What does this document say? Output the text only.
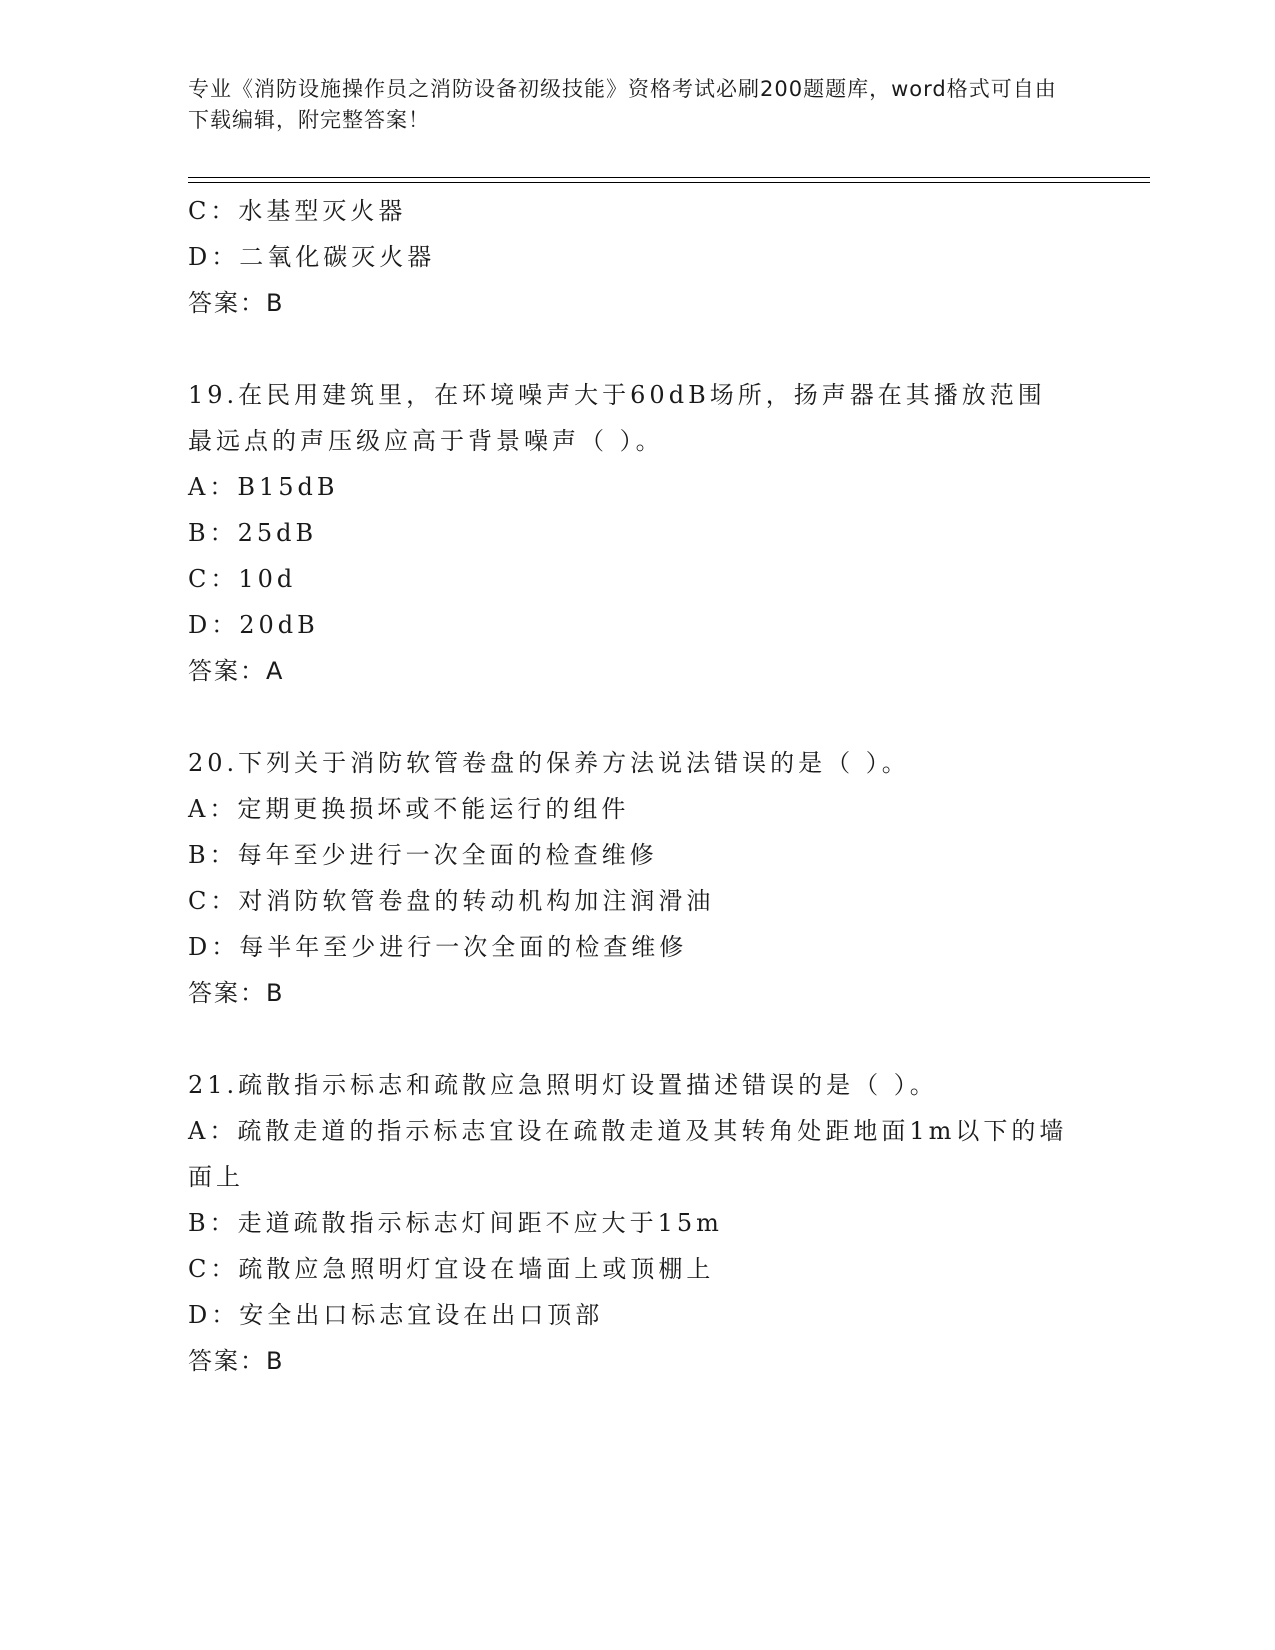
专业《消防设施操作员之消防设备初级技能》资格考试必刷200题题库，word格式可自由下载编辑，附完整答案！
C：水基型灭火器
D：二氧化碳灭火器
答案：B
19.在民用建筑里，在环境噪声大于60dB场所，扬声器在其播放范围最远点的声压级应高于背景噪声（ ）。
A：B15dB
B：25dB
C：10d
D：20dB
答案：A
20.下列关于消防软管卷盘的保养方法说法错误的是（ ）。
A：定期更换损坏或不能运行的组件
B：每年至少进行一次全面的检查维修
C：对消防软管卷盘的转动机构加注润滑油
D：每半年至少进行一次全面的检查维修
答案：B
21.疏散指示标志和疏散应急照明灯设置描述错误的是（ ）。
A：疏散走道的指示标志宜设在疏散走道及其转角处距地面1m以下的墙面上
B：走道疏散指示标志灯间距不应大于15m
C：疏散应急照明灯宜设在墙面上或顶棚上
D：安全出口标志宜设在出口顶部
答案：B
